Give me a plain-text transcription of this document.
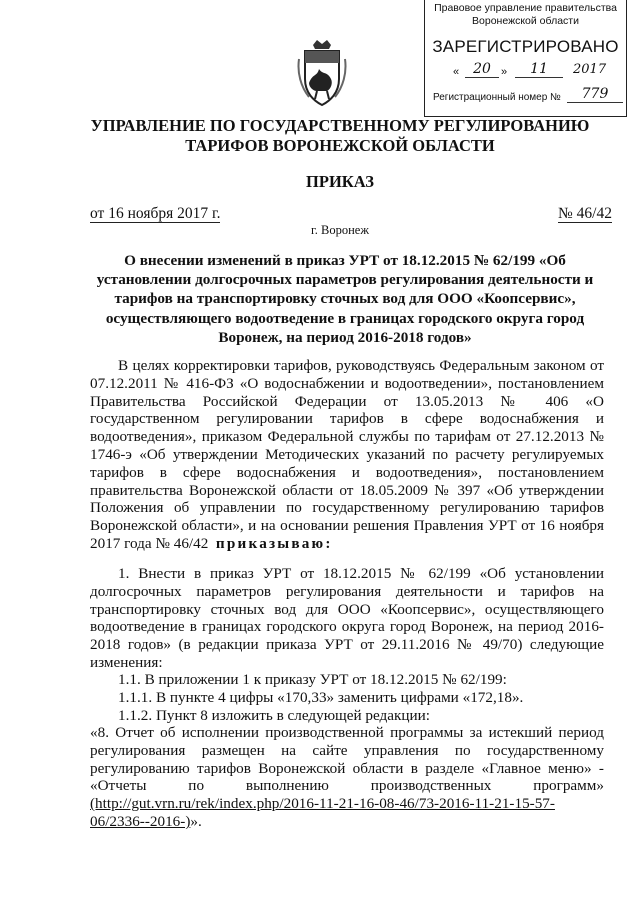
Правовое управление правительства
Воронежской области
ЗАРЕГИСТРИРОВАНО
« 20 »	11	2017
Регистрационный номер №	779
УПРАВЛЕНИЕ ПО ГОСУДАРСТВЕННОМУ РЕГУЛИРОВАНИЮ ТАРИФОВ ВОРОНЕЖСКОЙ ОБЛАСТИ
ПРИКАЗ
от 16 ноября 2017 г.	№ 46/42
г. Воронеж
О внесении изменений в приказ УРТ от 18.12.2015 № 62/199 «Об установлении долгосрочных параметров регулирования деятельности и тарифов на транспортировку сточных вод для ООО «Коопсервис», осуществляющего водоотведение в границах городского округа город Воронеж, на период 2016-2018 годов»
В целях корректировки тарифов, руководствуясь Федеральным законом от 07.12.2011 № 416-ФЗ «О водоснабжении и водоотведении», постановлением Правительства Российской Федерации от 13.05.2013 № 406 «О государственном регулировании тарифов в сфере водоснабжения и водоотведения», приказом Федеральной службы по тарифам от 27.12.2013 № 1746-э «Об утверждении Методических указаний по расчету регулируемых тарифов в сфере водоснабжения и водоотведения», постановлением правительства Воронежской области от 18.05.2009 № 397 «Об утверждении Положения об управлении по государственному регулированию тарифов Воронежской области», и на основании решения Правления УРТ от 16 ноября 2017 года № 46/42 приказываю:
1. Внести в приказ УРТ от 18.12.2015 № 62/199 «Об установлении долгосрочных параметров регулирования деятельности и тарифов на транспортировку сточных вод для ООО «Коопсервис», осуществляющего водоотведение в границах городского округа город Воронеж, на период 2016-2018 годов» (в редакции приказа УРТ от 29.11.2016 № 49/70) следующие изменения:
1.1. В приложении 1 к приказу УРТ от 18.12.2015 № 62/199:
1.1.1. В пункте 4 цифры «170,33» заменить цифрами «172,18».
1.1.2. Пункт 8 изложить в следующей редакции:
«8. Отчет об исполнении производственной программы за истекший период регулирования размещен на сайте управления по государственному регулированию тарифов Воронежской области в разделе «Главное меню» - «Отчеты по выполнению производственных программ» (http://gut.vrn.ru/rek/index.php/2016-11-21-16-08-46/73-2016-11-21-15-57-06/2336--2016-)».
